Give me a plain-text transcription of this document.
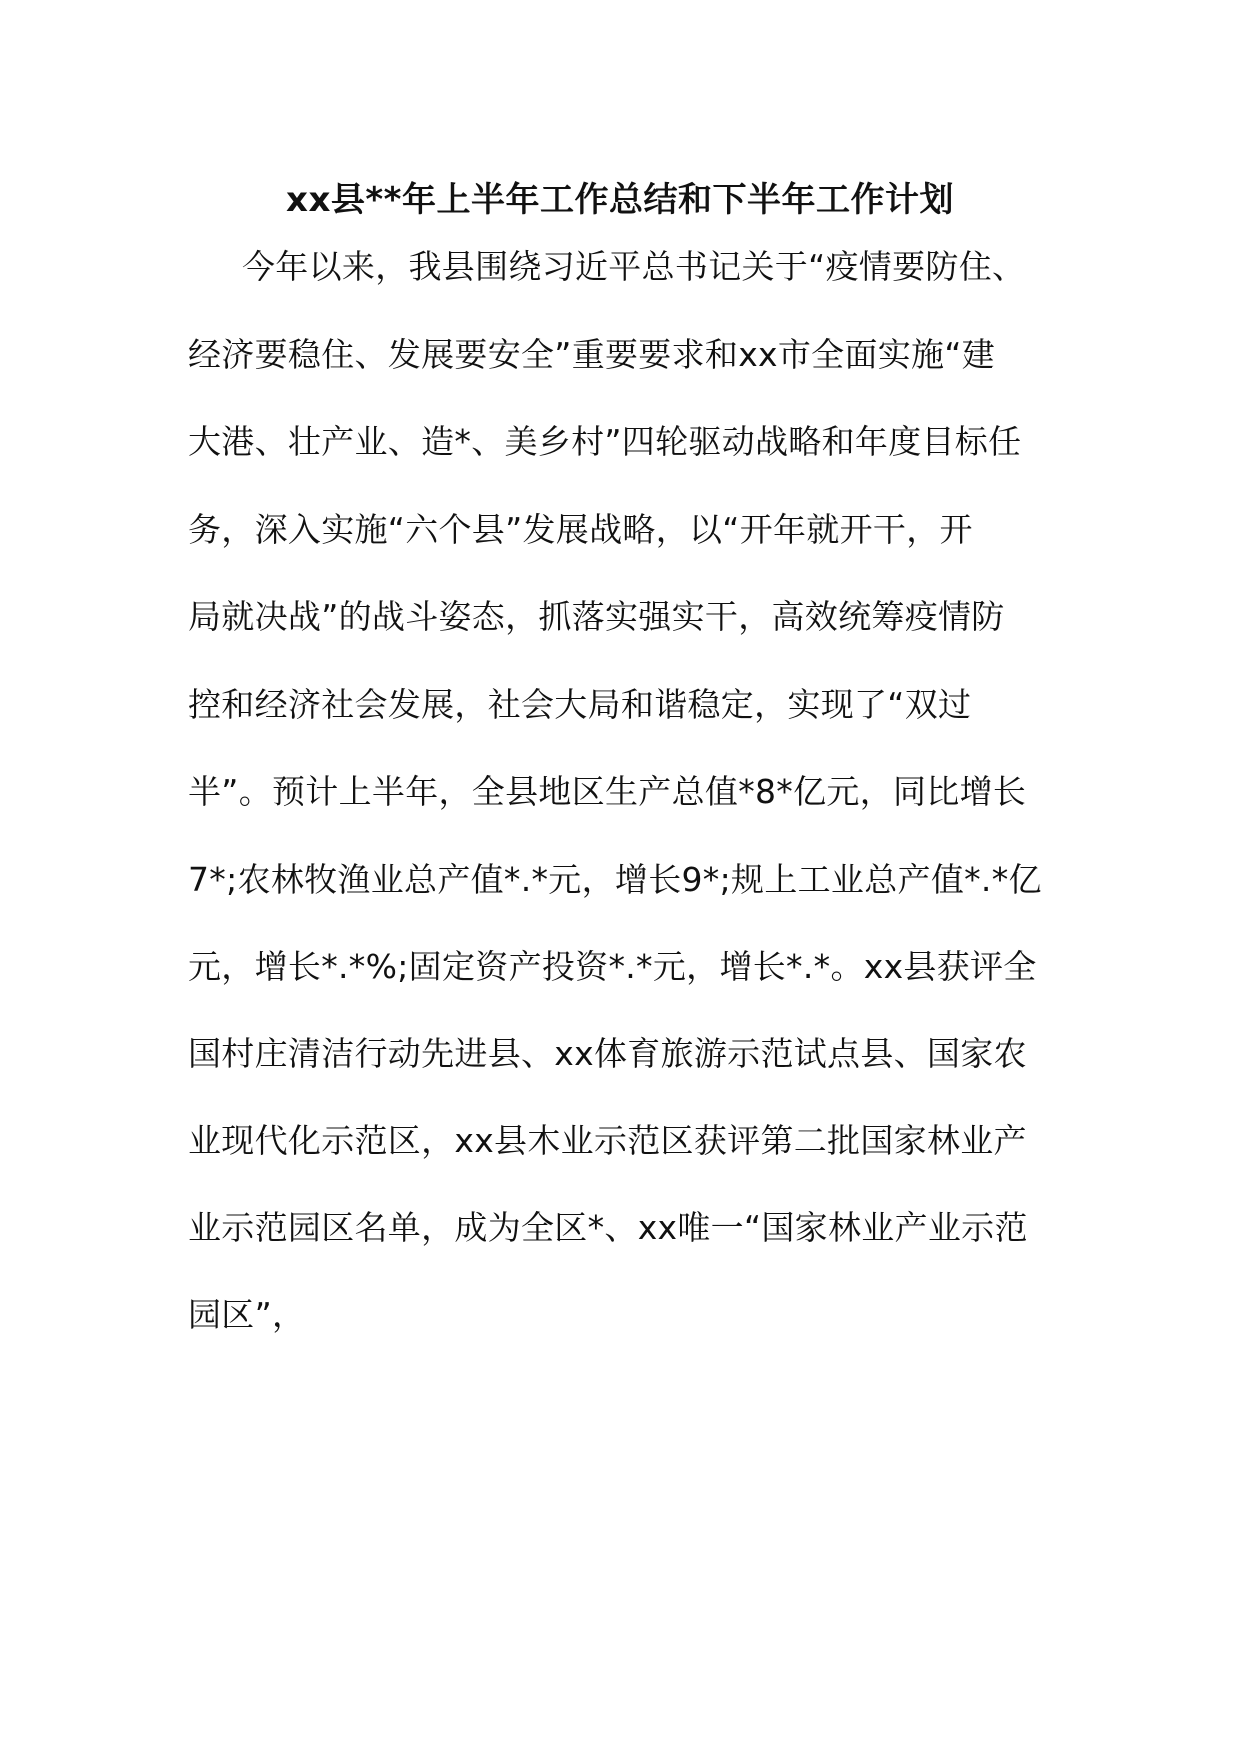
xx县**年上半年工作总结和下半年工作计划
今年以来，我县围绕习近平总书记关于“疫情要防住、
经济要稳住、发展要安全”重要要求和xx市全面实施“建
大港、壮产业、造*、美乡村”四轮驱动战略和年度目标任
务，深入实施“六个县”发展战略，以“开年就开干，开
局就决战”的战斗姿态，抓落实强实干，高效统筹疫情防
控和经济社会发展，社会大局和谐稳定，实现了“双过
半”。预计上半年，全县地区生产总值*8*亿元，同比增长
7*;农林牧渔业总产值*.*元，增长9*;规上工业总产值*.*亿
元，增长*.*%;固定资产投资*.*元，增长*.*。xx县获评全
国村庄清洁行动先进县、xx体育旅游示范试点县、国家农
业现代化示范区，xx县木业示范区获评第二批国家林业产
业示范园区名单，成为全区*、xx唯一“国家林业产业示范
园区”，
